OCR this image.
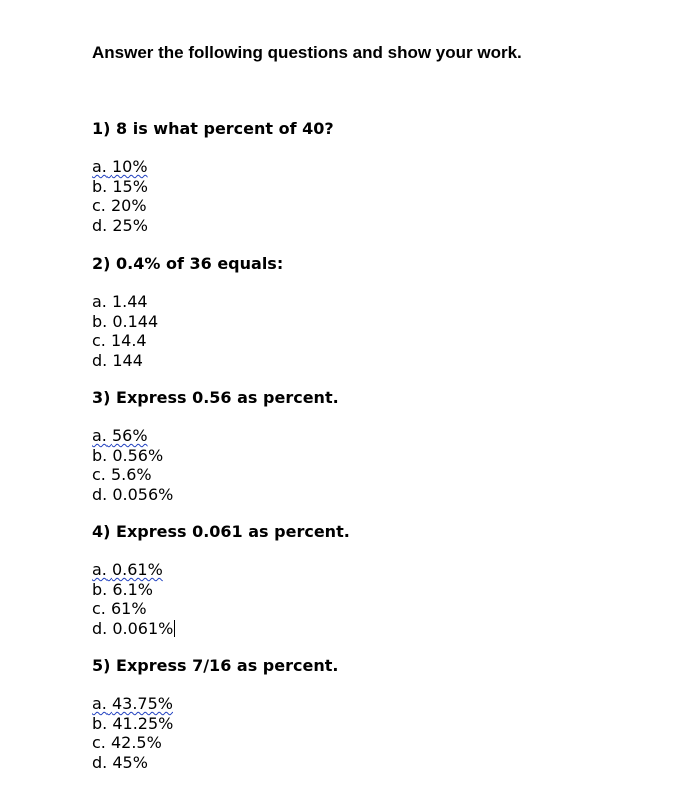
Answer the following questions and show your work.
1) 8 is what percent of 40?
a. 10%
b. 15%
c. 20%
d. 25%
2) 0.4% of 36 equals:
a. 1.44
b. 0.144
c. 14.4
d. 144
3) Express 0.56 as percent.
a. 56%
b. 0.56%
c. 5.6%
d. 0.056%
4) Express 0.061 as percent.
a. 0.61%
b. 6.1%
c. 61%
d. 0.061%
5) Express 7/16 as percent.
a. 43.75%
b. 41.25%
c. 42.5%
d. 45%
